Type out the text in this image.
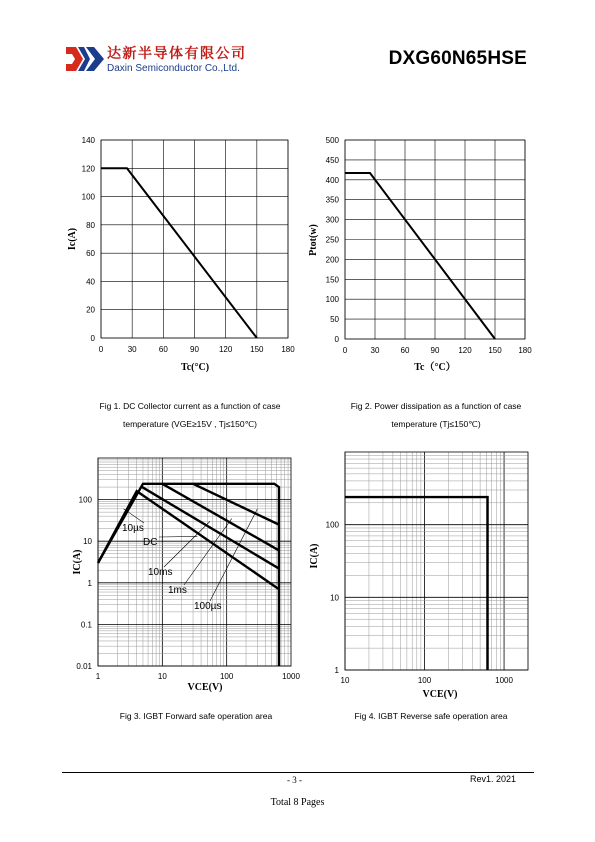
达新半导体有限公司
Daxin Semiconductor Co.,Ltd.	DXG60N65HSE
0	30	60	90	120 150 180
0
20
40
60
80
100
120
140
Tc(°C)
Ic(A)
0	30	60	90 120 150 180
0
50
100
150
200
250
300
350
400
450
500
Tc（°C）
Ptot(w)
1	10	100	1000
0.01
0.1
1
10
100
VCE(V)
IC(A)
10µs
DC
10ms
1ms
100µs
10	100	1000
1
10
100
VCE(V)
IC(A)
Fig 1. DC Collector current as a function of case
temperature (VGE≥15V , Tj≤150℃)
Fig 2. Power dissipation as a function of case
temperature (Tj≤150℃)
Fig 3. IGBT Forward safe operation area	Fig 4. IGBT Reverse safe operation area
- 3 -	Rev1. 2021
Total 8 Pages
